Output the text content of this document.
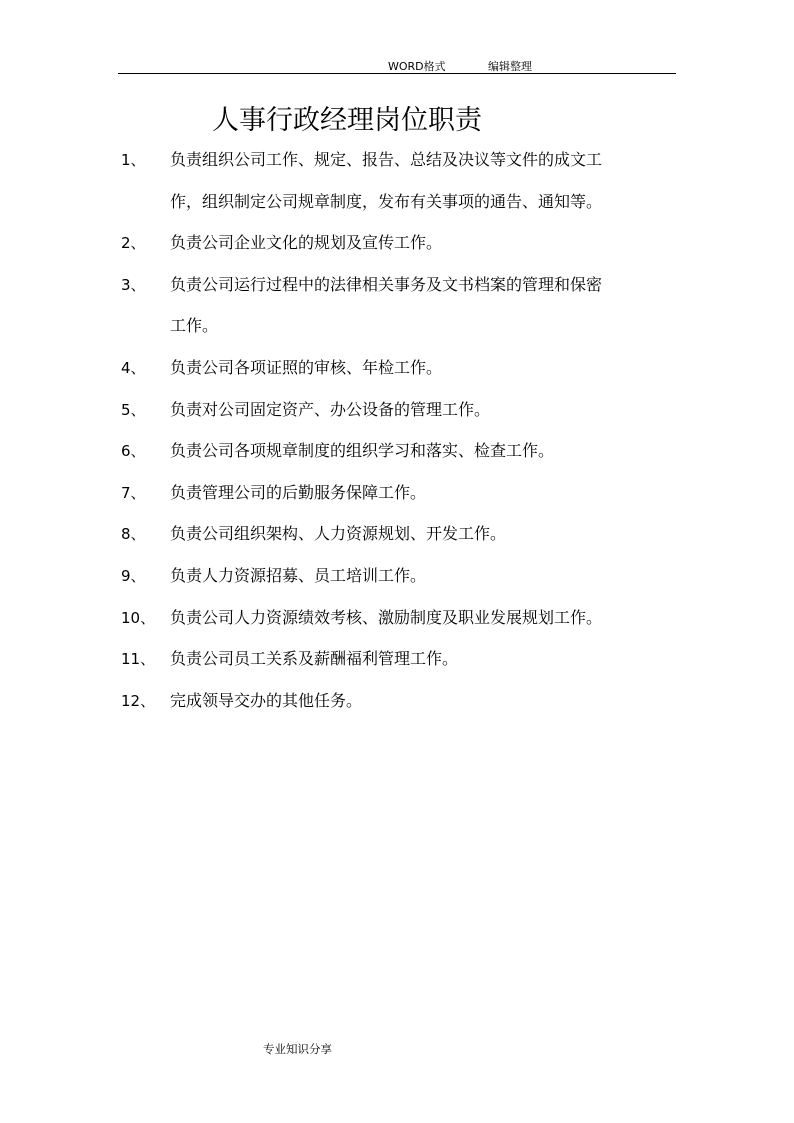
WORD格式	编辑整理
人事行政经理岗位职责
1、 负责组织公司工作、规定、报告、总结及决议等文件的成文工
作，组织制定公司规章制度，发布有关事项的通告、通知等。
2、 负责公司企业文化的规划及宣传工作。
3、 负责公司运行过程中的法律相关事务及文书档案的管理和保密
工作。
4、 负责公司各项证照的审核、年检工作。
5、 负责对公司固定资产、办公设备的管理工作。
6、 负责公司各项规章制度的组织学习和落实、检查工作。
7、 负责管理公司的后勤服务保障工作。
8、 负责公司组织架构、人力资源规划、开发工作。
9、 负责人力资源招募、员工培训工作。
10、 负责公司人力资源绩效考核、激励制度及职业发展规划工作。
11、 负责公司员工关系及薪酬福利管理工作。
12、 完成领导交办的其他任务。
专业知识分享
